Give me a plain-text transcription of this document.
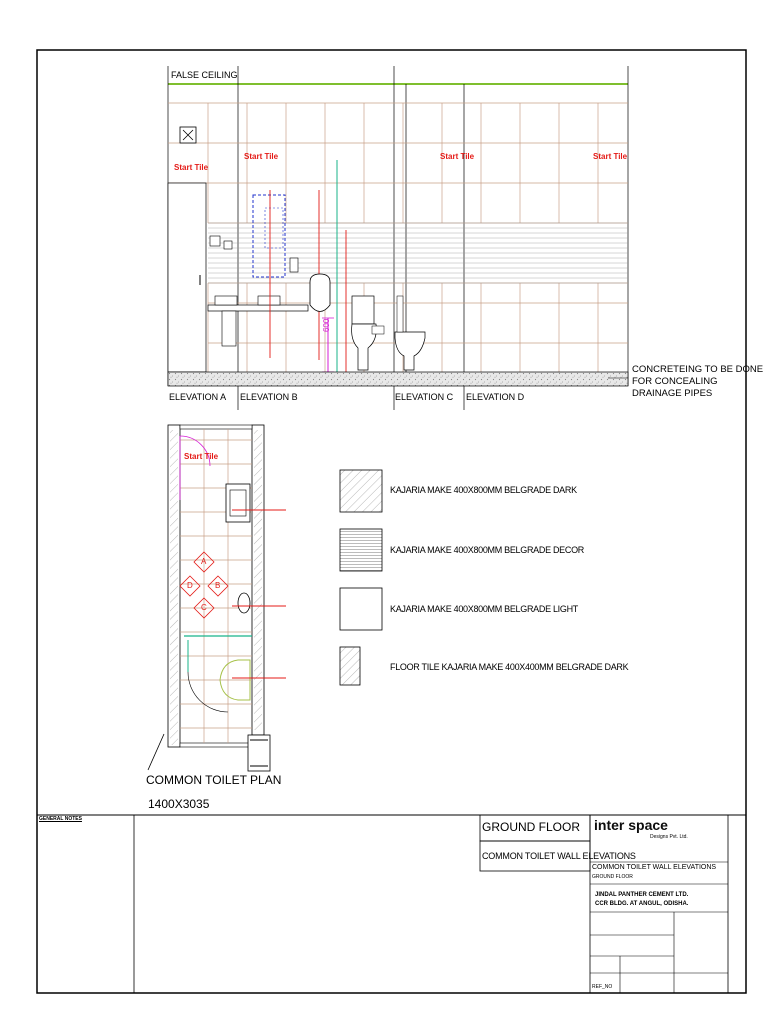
FALSE CEILING
Start Tile
Start Tile	Start Tile	Start Tile
600
ELEVATION A ELEVATION B	ELEVATION C ELEVATION D
CONCRETEING TO BE DONE
FOR CONCEALING
DRAINAGE PIPES
Start Tile
A
B
C
D
COMMON TOILET PLAN
1400X3035
KAJARIA MAKE 400X800MM BELGRADE DARK
KAJARIA MAKE 400X800MM BELGRADE DECOR
KAJARIA MAKE 400X800MM BELGRADE LIGHT
FLOOR TILE KAJARIA MAKE 400X400MM BELGRADE DARK
GENERAL NOTES
GROUND FLOOR
COMMON TOILET WALL ELEVATIONS
inter space
Designs Pvt. Ltd.
COMMON TOILET WALL ELEVATIONS
GROUND FLOOR
JINDAL PANTHER CEMENT LTD.
CCR BLDG. AT ANGUL, ODISHA.
REF_NO
